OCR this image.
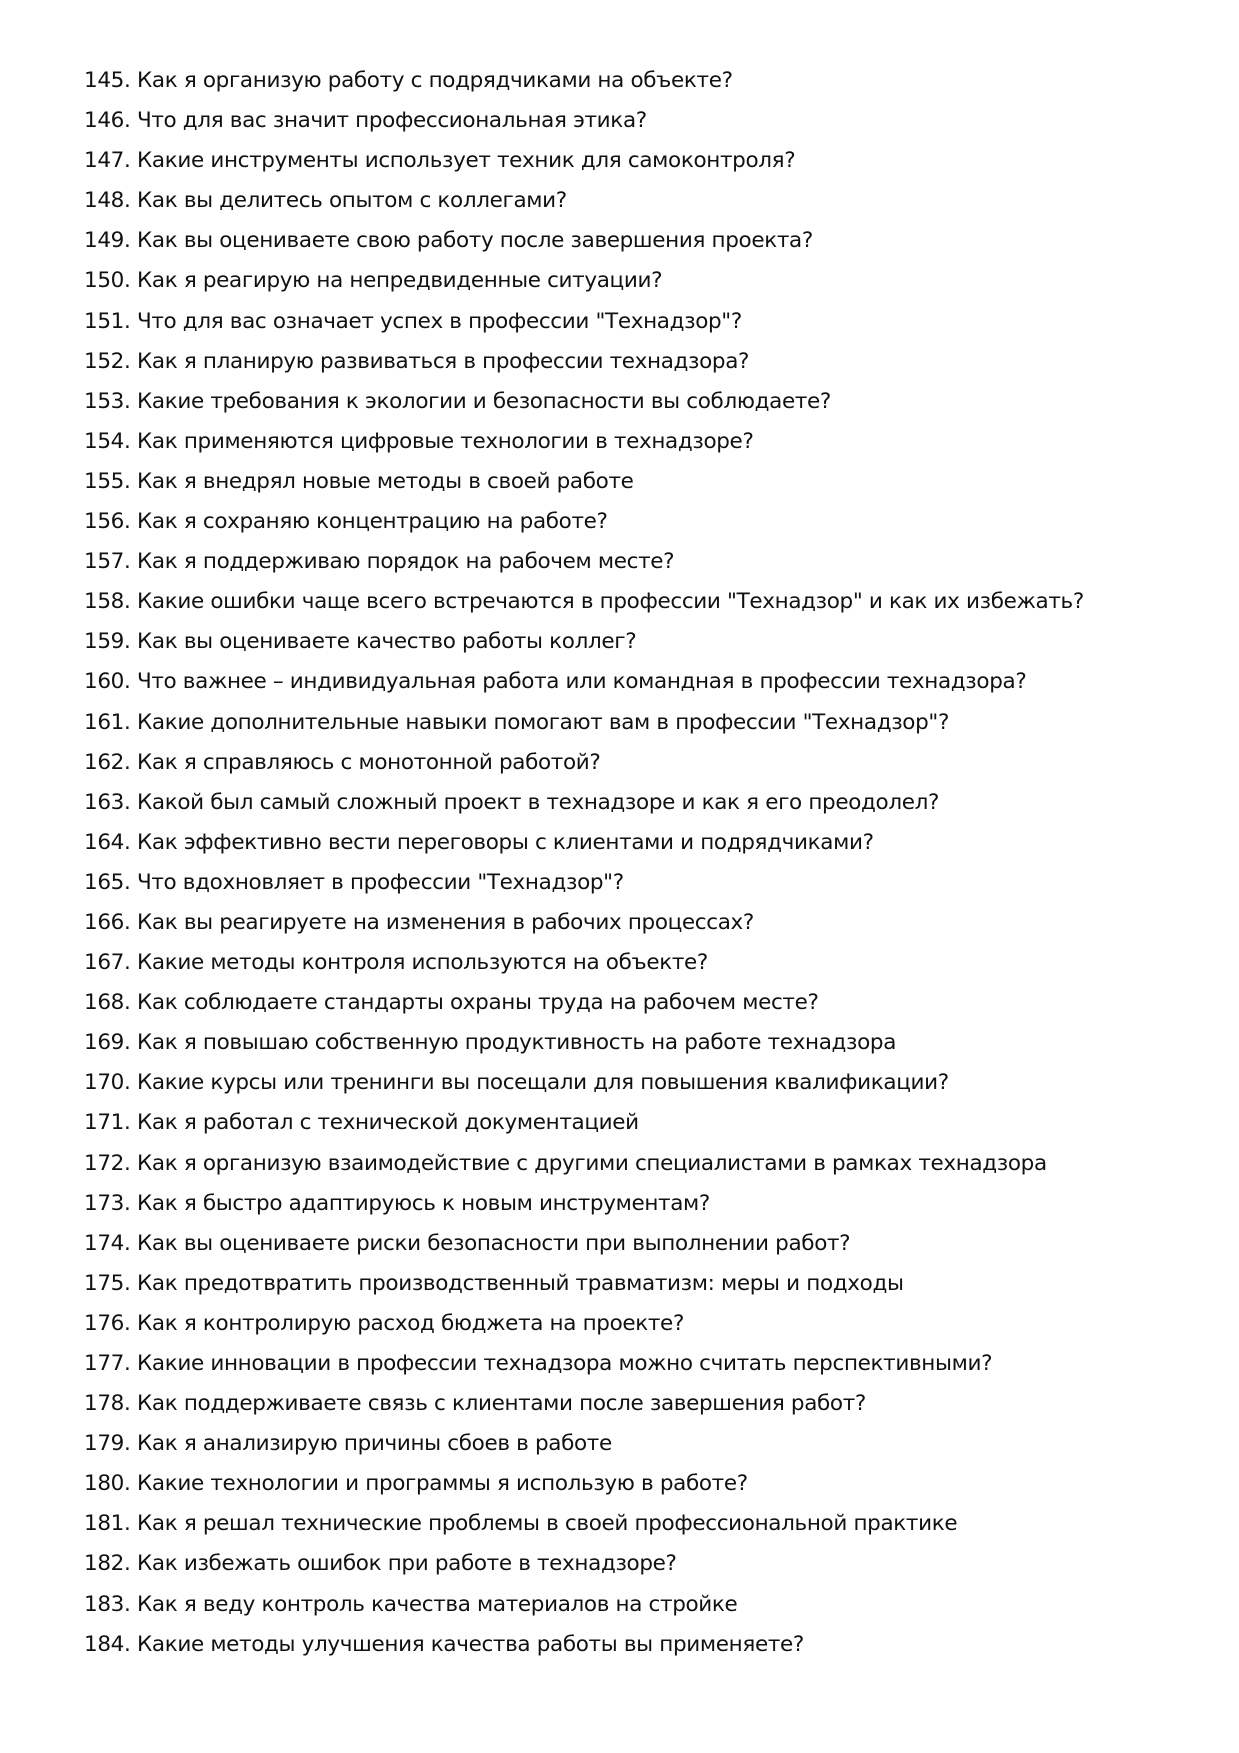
145. Как я организую работу с подрядчиками на объекте?
146. Что для вас значит профессиональная этика?
147. Какие инструменты использует техник для самоконтроля?
148. Как вы делитесь опытом с коллегами?
149. Как вы оцениваете свою работу после завершения проекта?
150. Как я реагирую на непредвиденные ситуации?
151. Что для вас означает успех в профессии "Технадзор"?
152. Как я планирую развиваться в профессии технадзора?
153. Какие требования к экологии и безопасности вы соблюдаете?
154. Как применяются цифровые технологии в технадзоре?
155. Как я внедрял новые методы в своей работе
156. Как я сохраняю концентрацию на работе?
157. Как я поддерживаю порядок на рабочем месте?
158. Какие ошибки чаще всего встречаются в профессии "Технадзор" и как их избежать?
159. Как вы оцениваете качество работы коллег?
160. Что важнее – индивидуальная работа или командная в профессии технадзора?
161. Какие дополнительные навыки помогают вам в профессии "Технадзор"?
162. Как я справляюсь с монотонной работой?
163. Какой был самый сложный проект в технадзоре и как я его преодолел?
164. Как эффективно вести переговоры с клиентами и подрядчиками?
165. Что вдохновляет в профессии "Технадзор"?
166. Как вы реагируете на изменения в рабочих процессах?
167. Какие методы контроля используются на объекте?
168. Как соблюдаете стандарты охраны труда на рабочем месте?
169. Как я повышаю собственную продуктивность на работе технадзора
170. Какие курсы или тренинги вы посещали для повышения квалификации?
171. Как я работал с технической документацией
172. Как я организую взаимодействие с другими специалистами в рамках технадзора
173. Как я быстро адаптируюсь к новым инструментам?
174. Как вы оцениваете риски безопасности при выполнении работ?
175. Как предотвратить производственный травматизм: меры и подходы
176. Как я контролирую расход бюджета на проекте?
177. Какие инновации в профессии технадзора можно считать перспективными?
178. Как поддерживаете связь с клиентами после завершения работ?
179. Как я анализирую причины сбоев в работе
180. Какие технологии и программы я использую в работе?
181. Как я решал технические проблемы в своей профессиональной практике
182. Как избежать ошибок при работе в технадзоре?
183. Как я веду контроль качества материалов на стройке
184. Какие методы улучшения качества работы вы применяете?
